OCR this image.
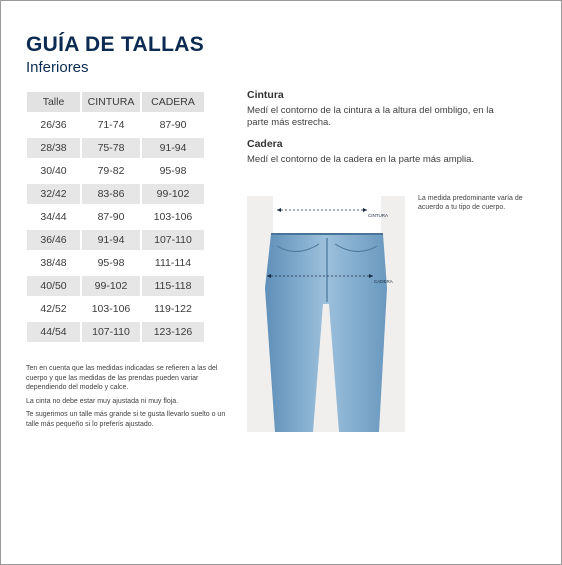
GUÍA DE TALLAS
Inferiores
Talle	CINTURA	CADERA
26/36	71-74	87-90
28/38	75-78	91-94
30/40	79-82	95-98
32/42	83-86	99-102
34/44	87-90	103-106
36/46	91-94	107-110
38/48	95-98	111-114
40/50	99-102	115-118
42/52	103-106	119-122
44/54	107-110	123-126

Ten en cuenta que las medidas indicadas se refieren a las del cuerpo y que las medidas de las prendas pueden variar dependiendo del modelo y calce.

La cinta no debe estar muy ajustada ni muy floja.

Te sugerimos un talle más grande si te gusta llevarlo suelto o un talle más pequeño si lo preferís ajustado.

Cintura

Medí el contorno de la cintura a la altura del ombligo, en la parte más estrecha.

Cadera

Medí el contorno de la cadera en la parte más amplia.

CINTURA
CADERA
La medida predominante varía de acuerdo a tu tipo de cuerpo.
